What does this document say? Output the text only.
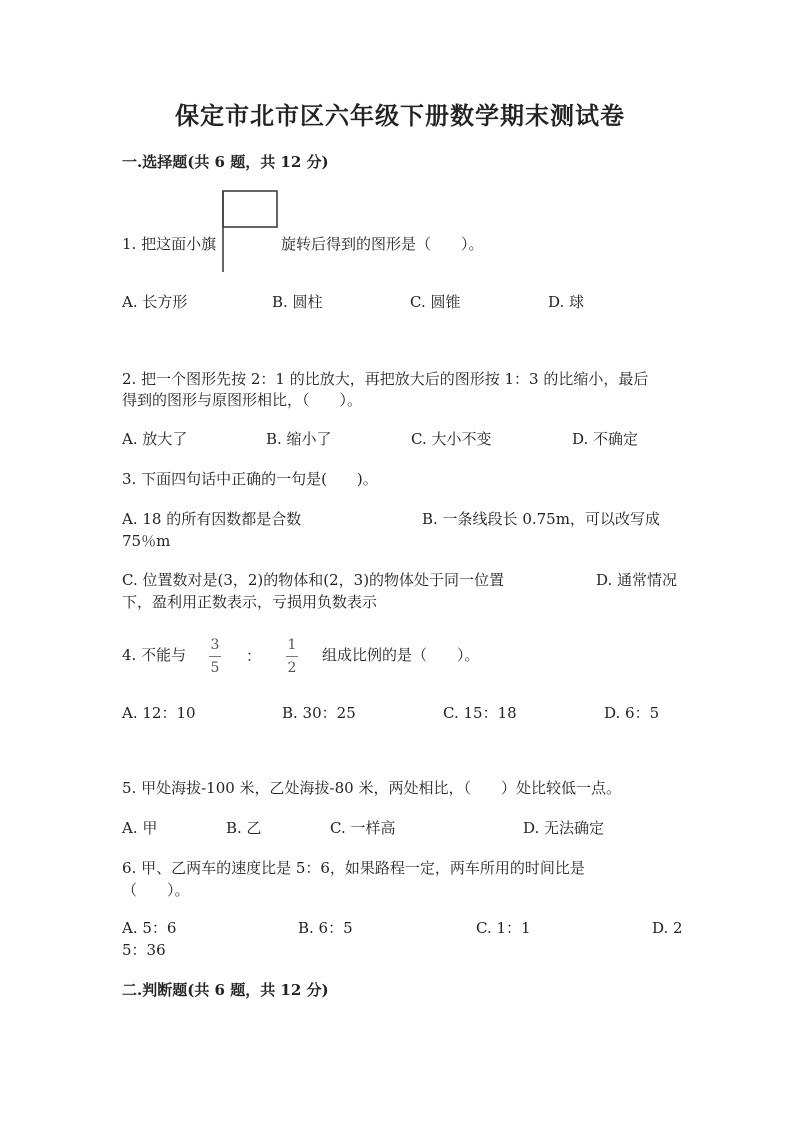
保定市北市区六年级下册数学期末测试卷
一.选择题(共 6 题，共 12 分)
1. 把这面小旗	旋转后得到的图形是（　　）。
A. 长方形	B. 圆柱	C. 圆锥	D. 球
2. 把一个图形先按 2：1 的比放大，再把放大后的图形按 1：3 的比缩小，最后
得到的图形与原图形相比，（　　）。
A. 放大了	B. 缩小了	C. 大小不变	D. 不确定
3. 下面四句话中正确的一句是(　　)。
A. 18 的所有因数都是合数	B. 一条线段长 0.75m，可以改写成
75％m
C. 位置数对是(3，2)的物体和(2，3)的物体处于同一位置	D. 通常情况
下，盈利用正数表示，亏损用负数表示
4. 不能与
3
5
：
1
2
组成比例的是（　　）。
A. 12：10	B. 30：25	C. 15：18	D. 6：5
5. 甲处海拔-100 米，乙处海拔-80 米，两处相比，（　　）处比较低一点。
A. 甲	B. 乙	C. 一样高	D. 无法确定
6. 甲、乙两车的速度比是 5：6，如果路程一定，两车所用的时间比是
（　　）。
A. 5：6	B. 6：5	C. 1：1	D. 2
5：36
二.判断题(共 6 题，共 12 分)
